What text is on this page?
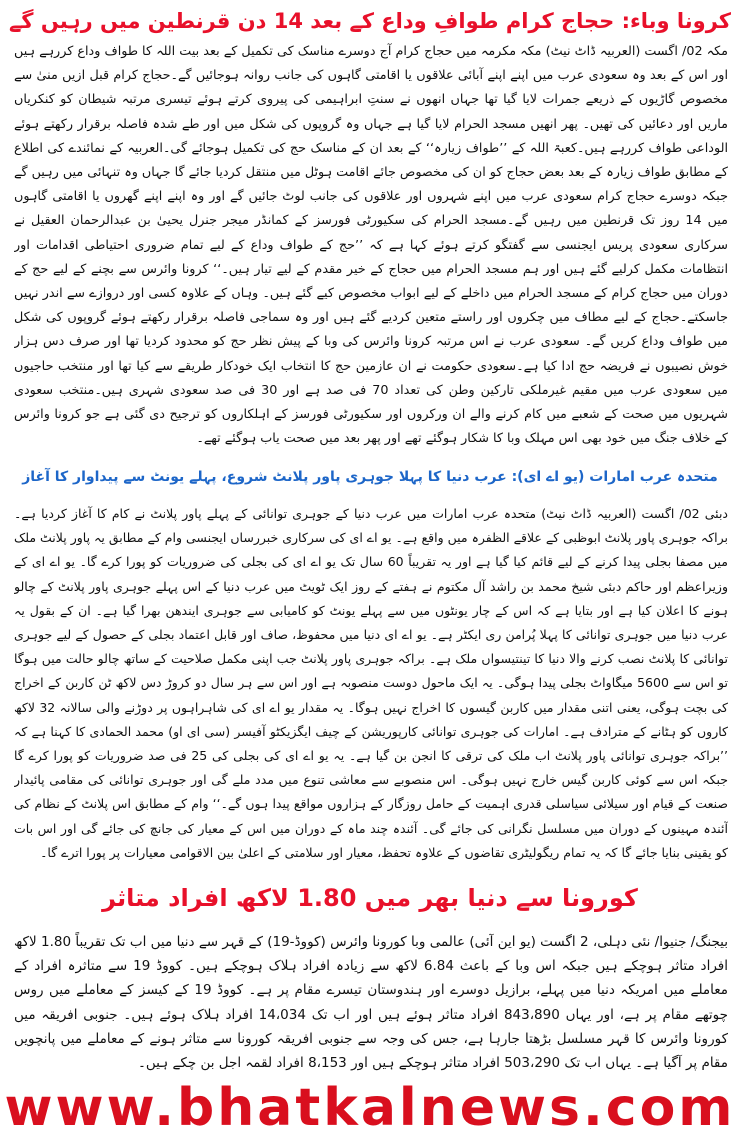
کرونا وباء: حجاج کرام طوافِ وداع کے بعد 14 دن قرنطین میں رہیں گے
مکہ 02/ اگست (العربیہ ڈاٹ نیٹ) مکہ مکرمہ میں حجاج کرام آج دوسرے مناسک کی تکمیل کے بعد بیت اللہ کا طواف وداع کررہے ہیں اور اس کے بعد وہ سعودی عرب میں اپنے اپنے آبائی علاقوں یا اقامتی گاہوں کی جانب روانہ ہوجائیں گے۔حجاج کرام قبل ازیں منیٰ سے مخصوص گاڑیوں کے ذریعے جمرات لایا گیا تھا جہاں انھوں نے سنتِ ابراہیمی کی پیروی کرتے ہوئے تیسری مرتبہ شیطان کو کنکریاں ماریں اور دعائیں کی تھیں۔ پھر انھیں مسجد الحرام لایا گیا ہے جہاں وہ گروپوں کی شکل میں اور طے شدہ فاصلہ برقرار رکھتے ہوئے الوداعی طواف کررہے ہیں۔کعبۃ اللہ کے ’’طواف زیارہ‘‘ کے بعد ان کے مناسک حج کی تکمیل ہوجائے گی۔العربیہ کے نمائندے کی اطلاع کے مطابق طواف زیارہ کے بعد بعض حجاج کو ان کی مخصوص جائے اقامت ہوٹل میں منتقل کردیا جائے گا جہاں وہ تنہائی میں رہیں گے جبکہ دوسرے حجاج کرام سعودی عرب میں اپنے شہروں اور علاقوں کی جانب لوٹ جائیں گے اور وہ اپنے اپنے گھروں یا اقامتی گاہوں میں 14 روز تک قرنطین میں رہیں گے۔مسجد الحرام کی سکیورٹی فورسز کے کمانڈر میجر جنرل یحییٰ بن عبدالرحمان العقیل نے سرکاری سعودی پریس ایجنسی سے گفتگو کرتے ہوئے کہا ہے کہ ’’حج کے طواف وداع کے لیے تمام ضروری احتیاطی اقدامات اور انتظامات مکمل کرلیے گئے ہیں اور ہم مسجد الحرام میں حجاج کے خیر مقدم کے لیے تیار ہیں۔‘‘ کرونا وائرس سے بچنے کے لیے حج کے دوران میں حجاج کرام کے مسجد الحرام میں داخلے کے لیے ابواب مخصوص کیے گئے ہیں۔ وہاں کے علاوہ کسی اور دروازے سے اندر نہیں جاسکتے۔حجاج کے لیے مطاف میں چکروں اور راستے متعین کردیے گئے ہیں اور وہ سماجی فاصلہ برقرار رکھتے ہوئے گروپوں کی شکل میں طواف وداع کریں گے۔ سعودی عرب نے اس مرتبہ کرونا وائرس کی وبا کے پیش نظر حج کو محدود کردیا تھا اور صرف دس ہزار خوش نصیبوں نے فریضہ حج ادا کیا ہے۔سعودی حکومت نے ان عازمین حج کا انتخاب ایک خودکار طریقے سے کیا تھا اور منتخب حاجیوں میں سعودی عرب میں مقیم غیرملکی تارکین وطن کی تعداد 70 فی صد ہے اور 30 فی صد سعودی شہری ہیں۔منتخب سعودی شہریوں میں صحت کے شعبے میں کام کرنے والے ان ورکروں اور سکیورٹی فورسز کے اہلکاروں کو ترجیح دی گئی ہے جو کرونا وائرس کے خلاف جنگ میں خود بھی اس مہلک وبا کا شکار ہوگئے تھے اور پھر بعد میں صحت یاب ہوگئے تھے۔
متحدہ عرب امارات (یو اے ای): عرب دنیا کا پہلا جوہری پاور پلانٹ شروع، پہلے یونٹ سے پیداوار کا آغاز
دبئی 02/ اگست (العربیہ ڈاٹ نیٹ) متحدہ عرب امارات میں عرب دنیا کے جوہری توانائی کے پہلے پاور پلانٹ نے کام کا آغاز کردیا ہے۔ براکہ جوہری پاور پلانٹ ابوظبی کے علاقے الظفرہ میں واقع ہے۔ یو اے ای کی سرکاری خبررساں ایجنسی وام کے مطابق یہ پاور پلانٹ ملک میں مصفا بجلی پیدا کرنے کے لیے قائم کیا گیا ہے اور یہ تقریباً 60 سال تک یو اے ای کی بجلی کی ضروریات کو پورا کرے گا۔ یو اے ای کے وزیراعظم اور حاکم دبئی شیخ محمد بن راشد آل مکتوم نے ہفتے کے روز ایک ٹویٹ میں عرب دنیا کے اس پہلے جوہری پاور پلانٹ کے چالو ہونے کا اعلان کیا ہے اور بتایا ہے کہ اس کے چار یونٹوں میں سے پہلے یونٹ کو کامیابی سے جوہری ایندھن بھرا گیا ہے۔ ان کے بقول یہ عرب دنیا میں جوہری توانائی کا پہلا پُرامن ری ایکٹر ہے۔ یو اے ای دنیا میں محفوظ، صاف اور قابل اعتماد بجلی کے حصول کے لیے جوہری توانائی کا پلانٹ نصب کرنے والا دنیا کا تینتیسواں ملک ہے۔ براکہ جوہری پاور پلانٹ جب اپنی مکمل صلاحیت کے ساتھ چالو حالت میں ہوگا تو اس سے 5600 میگاواٹ بجلی پیدا ہوگی۔ یہ ایک ماحول دوست منصوبہ ہے اور اس سے ہر سال دو کروڑ دس لاکھ ٹن کاربن کے اخراج کی بچت ہوگی، یعنی اتنی مقدار میں کاربن گیسوں کا اخراج نہیں ہوگا۔ یہ مقدار یو اے ای کی شاہراہوں پر دوڑنے والی سالانہ 32 لاکھ کاروں کو ہٹانے کے مترادف ہے۔ امارات کی جوہری توانائی کارپوریشن کے چیف ایگزیکٹو آفیسر (سی ای او) محمد الحمادی کا کہنا ہے کہ ’’براکہ جوہری توانائی پاور پلانٹ اب ملک کی ترقی کا انجن بن گیا ہے۔ یہ یو اے ای کی بجلی کی 25 فی صد ضروریات کو پورا کرے گا جبکہ اس سے کوئی کاربن گیس خارج نہیں ہوگی۔ اس منصوبے سے معاشی تنوع میں مدد ملے گی اور جوہری توانائی کی مقامی پائیدار صنعت کے قیام اور سیلائی سیاسلی قدری اہمیت کے حامل روزگار کے ہزاروں مواقع پیدا ہوں گے۔‘‘ وام کے مطابق اس پلانٹ کے نظام کی آئندہ مہینوں کے دوران میں مسلسل نگرانی کی جائے گی۔ آئندہ چند ماہ کے دوران میں اس کے معیار کی جانچ کی جائے گی اور اس بات کو یقینی بنایا جائے گا کہ یہ تمام ریگولیٹری تقاضوں کے علاوہ تحفظ، معیار اور سلامتی کے اعلیٰ بین الاقوامی معیارات پر پورا اترے گا۔
کورونا سے دنیا بھر میں 1.80 لاکھ افراد متاثر
بیجنگ/ جنیوا/ نئی دہلی، 2 اگست (یو این آئی) عالمی وبا کورونا وائرس (کووڈ-19) کے قہر سے دنیا میں اب تک تقریباً 1.80 لاکھ افراد متاثر ہوچکے ہیں جبکہ اس وبا کے باعث 6.84 لاکھ سے زیادہ افراد ہلاک ہوچکے ہیں۔ کووڈ 19 سے متاثرہ افراد کے معاملے میں امریکہ دنیا میں پہلے، برازیل دوسرے اور ہندوستان تیسرے مقام پر ہے۔ کووڈ 19 کے کیسز کے معاملے میں روس چوتھے مقام پر ہے، اور یہاں 843،890 افراد متاثر ہوئے ہیں اور اب تک 14،034 افراد ہلاک ہوئے ہیں۔ جنوبی افریقہ میں کورونا وائرس کا قہر مسلسل بڑھتا جارہا ہے، جس کی وجہ سے جنوبی افریقہ کورونا سے متاثر ہونے کے معاملے میں پانچویں مقام پر آگیا ہے۔ یہاں اب تک 503،290 افراد متاثر ہوچکے ہیں اور 8،153 افراد لقمہ اجل بن چکے ہیں۔
www.bhatkalnews.com
